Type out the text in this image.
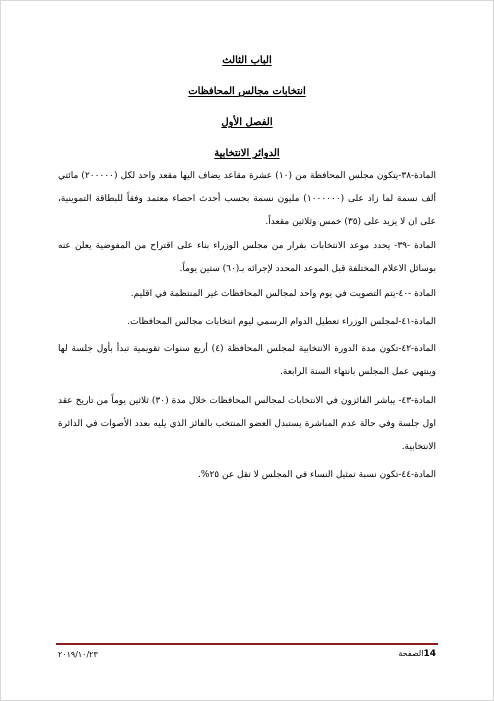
الباب الثالث

انتخابات مجالس المحافظات

الفصل الأول

الدوائر الانتخابية

المادة-٣٨-يتكون مجلس المحافظة من (١٠) عشرة مقاعد يضاف اليها مقعد واحد لكل (٢٠٠٠٠٠) مائتي ألف نسمة لما زاد على (١٠٠٠٠٠٠) مليون نسمة بحسب أحدث احصاء معتمد وفقاً للبطاقة التموينية، على ان لا يزيد على (٣٥) خمس وثلاثين مقعداً.

المادة -٣٩- يحدد موعد الانتخابات بقرار من مجلس الوزراء بناء على اقتراح من المفوضية يعلن عنه بوسائل الاعلام المختلفة قبل الموعد المحدد لإجرائه بـ(٦٠) ستين يوماً.

المادة -٤٠-يتم التصويت في يوم واحد لمجالس المحافظات غير المنتظمة في اقليم.

المادة-٤١-لمجلس الوزراء تعطيل الدوام الرسمي ليوم انتخابات مجالس المحافظات.

المادة-٤٢-تكون مدة الدورة الانتخابية لمجلس المحافظة (٤) أربع سنوات تقويمية تبدأ بأول جلسة لها وينتهي عمل المجلس بانتهاء السنة الرابعة.

المادة-٤٣- يباشر الفائزون في الانتخابات لمجالس المحافظات خلال مدة (٣٠) ثلاثين يوماً من تاريخ عقد اول جلسة وفي حالة عدم المباشرة يستبدل العضو المنتخب بالفائز الذي يليه بعدد الأصوات في الدائرة الانتخابية.

المادة-٤٤-تكون نسبة تمثيل النساء في المجلس لا تقل عن ٢٥%.

14الصفحة
٢٠١٩/١٠/٢٣
